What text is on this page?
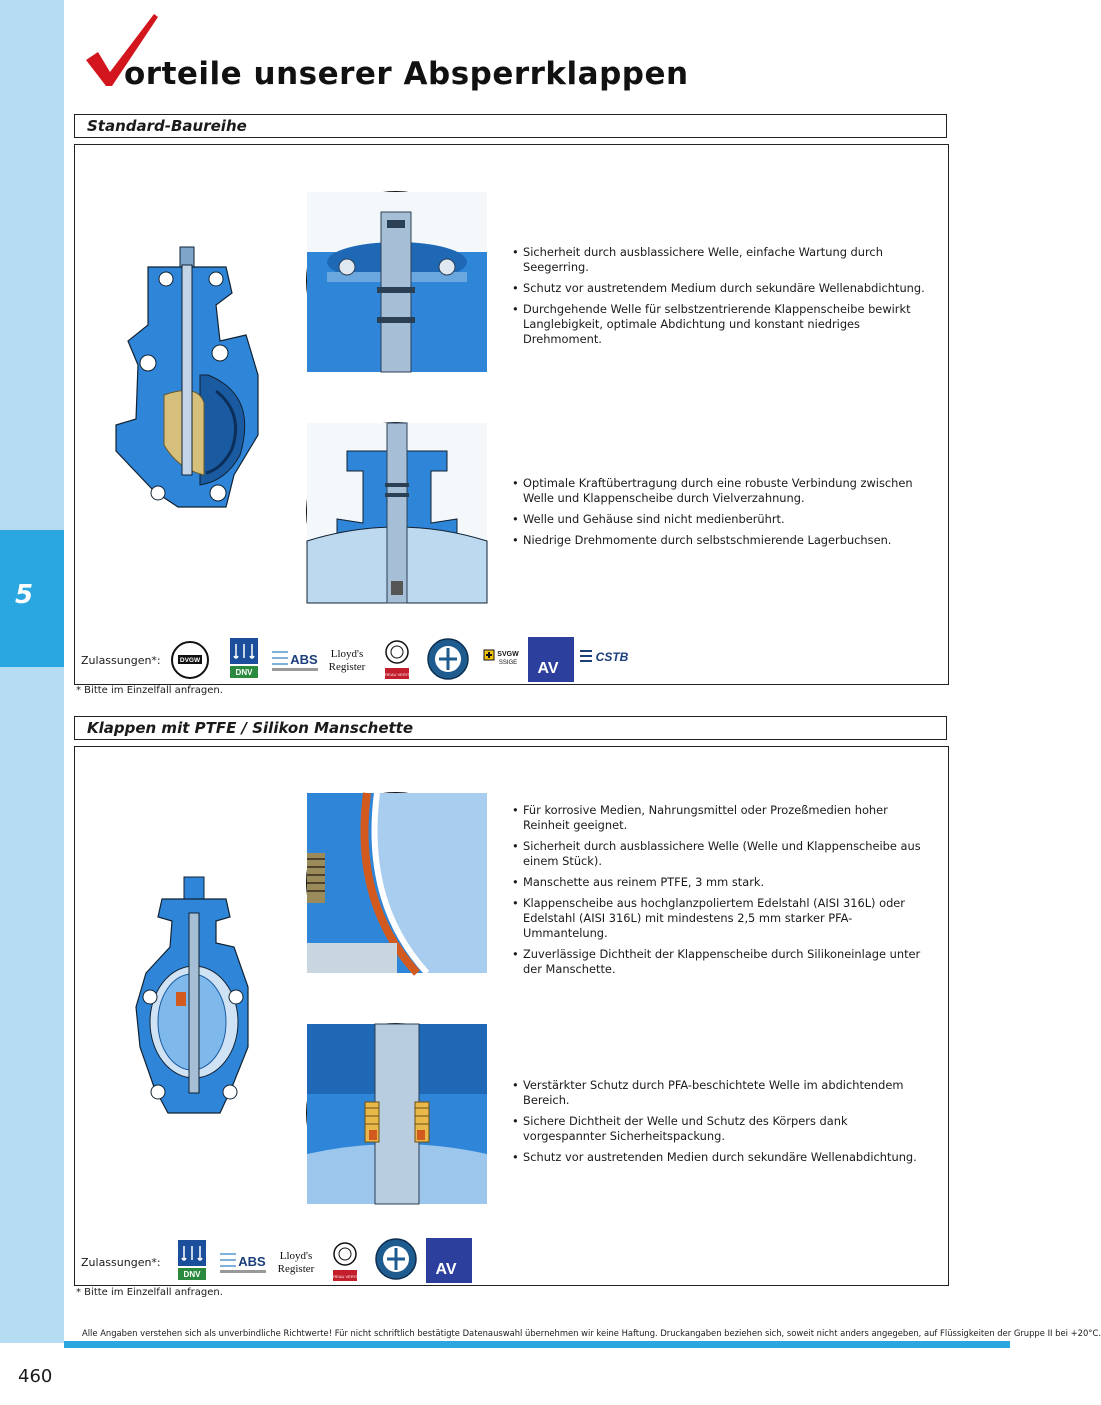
5
orteile unserer Absperrklappen
Standard-Baureihe
• Sicherheit durch ausblassichere Welle, einfache Wartung durch Seegerring.
• Schutz vor austretendem Medium durch sekundäre Wellenabdichtung.
• Durchgehende Welle für selbstzentrierende Klappenscheibe bewirkt Langlebigkeit, optimale Abdichtung und konstant niedriges Drehmoment.
• Optimale Kraftübertragung durch eine robuste Verbindung zwischen Welle und Klappenscheibe durch Vielverzahnung.
• Welle und Gehäuse sind nicht medienberührt.
• Niedrige Drehmomente durch selbstschmierende Lagerbuchsen.
Zulassungen*:	DVGW
DNV
ABS Lloyd's
Register
BUREAU VERITAS
SVGW
SSIGE AV
CSTB
* Bitte im Einzelfall anfragen.
Klappen mit PTFE / Silikon Manschette
• Für korrosive Medien, Nahrungsmittel oder Prozeßmedien hoher Reinheit geeignet.
• Sicherheit durch ausblassichere Welle (Welle und Klappenscheibe aus einem Stück).
• Manschette aus reinem PTFE, 3 mm stark.
• Klappenscheibe aus hochglanzpoliertem Edelstahl (AISI 316L) oder Edelstahl (AISI 316L) mit mindestens 2,5 mm starker PFA-Ummantelung.
• Zuverlässige Dichtheit der Klappenscheibe durch Silikoneinlage unter der Manschette.
• Verstärkter Schutz durch PFA-beschichtete Welle im abdichtendem Bereich.
• Sichere Dichtheit der Welle und Schutz des Körpers dank vorgespannter Sicherheitspackung.
• Schutz vor austretenden Medien durch sekundäre Wellenabdichtung.
Zulassungen*:
DNV
ABS Lloyd's
Register
BUREAU VERITAS	AV
* Bitte im Einzelfall anfragen.
Alle Angaben verstehen sich als unverbindliche Richtwerte! Für nicht schriftlich bestätigte Datenauswahl übernehmen wir keine Haftung. Druckangaben beziehen sich, soweit nicht anders angegeben, auf Flüssigkeiten der Gruppe II bei +20°C.
460
